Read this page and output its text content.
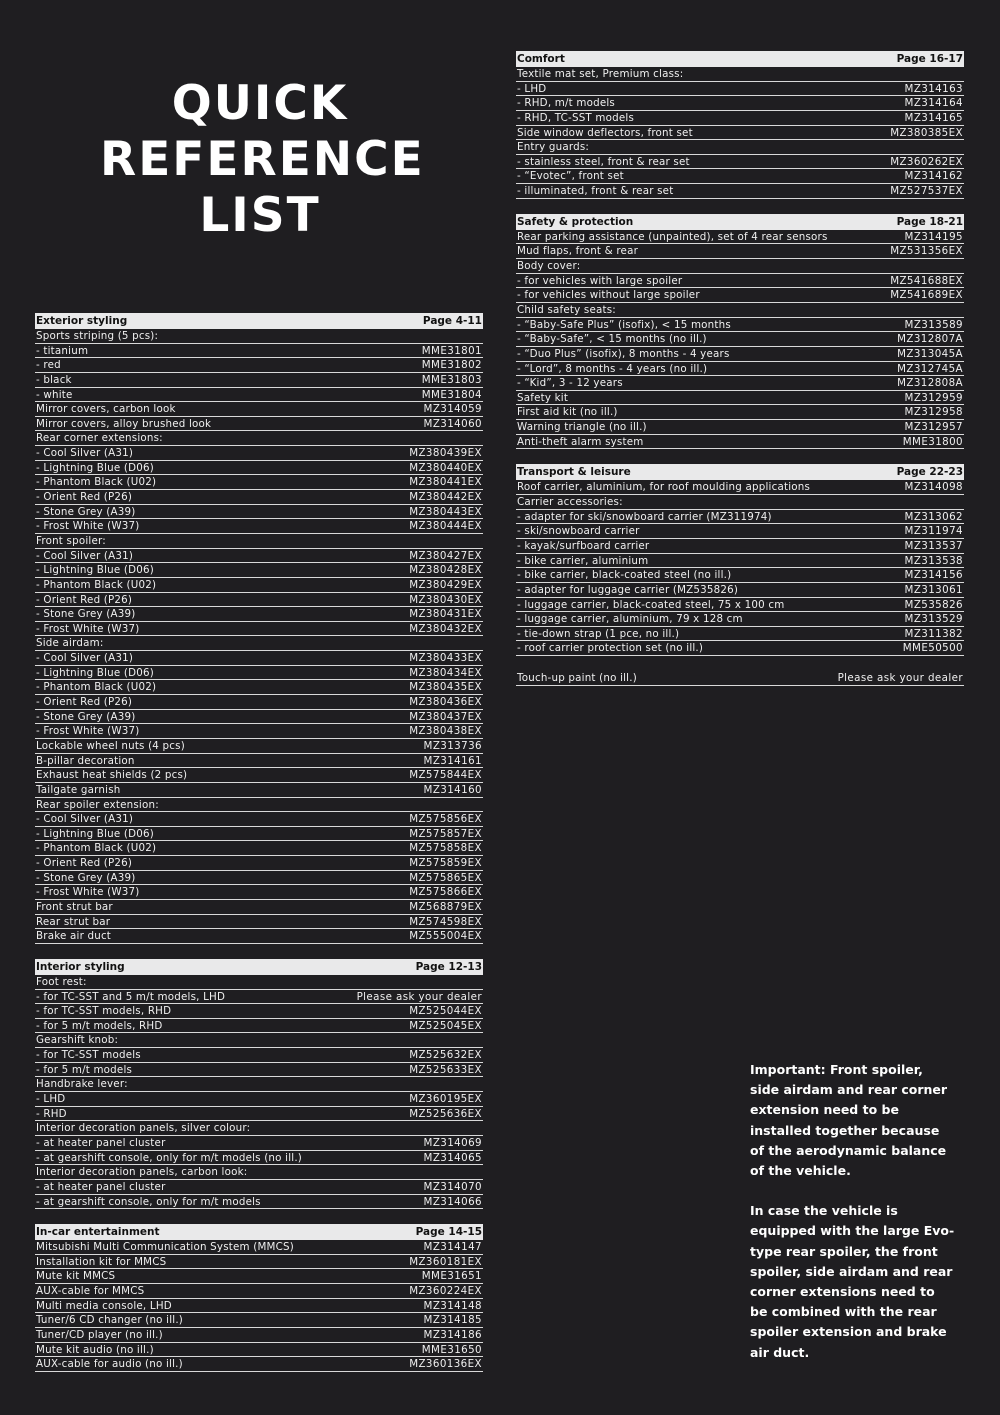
QUICK
REFERENCE
LIST
Exterior styling	Page 4-11
Sports striping (5 pcs):
- titanium	MME31801
- red	MME31802
- black	MME31803
- white	MME31804
Mirror covers, carbon look	MZ314059
Mirror covers, alloy brushed look	MZ314060
Rear corner extensions:
- Cool Silver (A31)	MZ380439EX
- Lightning Blue (D06)	MZ380440EX
- Phantom Black (U02)	MZ380441EX
- Orient Red (P26)	MZ380442EX
- Stone Grey (A39)	MZ380443EX
- Frost White (W37)	MZ380444EX
Front spoiler:
- Cool Silver (A31)	MZ380427EX
- Lightning Blue (D06)	MZ380428EX
- Phantom Black (U02)	MZ380429EX
- Orient Red (P26)	MZ380430EX
- Stone Grey (A39)	MZ380431EX
- Frost White (W37)	MZ380432EX
Side airdam:
- Cool Silver (A31)	MZ380433EX
- Lightning Blue (D06)	MZ380434EX
- Phantom Black (U02)	MZ380435EX
- Orient Red (P26)	MZ380436EX
- Stone Grey (A39)	MZ380437EX
- Frost White (W37)	MZ380438EX
Lockable wheel nuts (4 pcs)	MZ313736
B-pillar decoration	MZ314161
Exhaust heat shields (2 pcs)	MZ575844EX
Tailgate garnish	MZ314160
Rear spoiler extension:
- Cool Silver (A31)	MZ575856EX
- Lightning Blue (D06)	MZ575857EX
- Phantom Black (U02)	MZ575858EX
- Orient Red (P26)	MZ575859EX
- Stone Grey (A39)	MZ575865EX
- Frost White (W37)	MZ575866EX
Front strut bar	MZ568879EX
Rear strut bar	MZ574598EX
Brake air duct	MZ555004EX
Interior styling	Page 12-13
Foot rest:
- for TC-SST and 5 m/t models, LHD	Please ask your dealer
- for TC-SST models, RHD	MZ525044EX
- for 5 m/t models, RHD	MZ525045EX
Gearshift knob:
- for TC-SST models	MZ525632EX
- for 5 m/t models	MZ525633EX
Handbrake lever:
- LHD	MZ360195EX
- RHD	MZ525636EX
Interior decoration panels, silver colour:
- at heater panel cluster	MZ314069
- at gearshift console, only for m/t models (no ill.)	MZ314065
Interior decoration panels, carbon look:
- at heater panel cluster	MZ314070
- at gearshift console, only for m/t models	MZ314066
In-car entertainment	Page 14-15
Mitsubishi Multi Communication System (MMCS)	MZ314147
Installation kit for MMCS	MZ360181EX
Mute kit MMCS	MME31651
AUX-cable for MMCS	MZ360224EX
Multi media console, LHD	MZ314148
Tuner/6 CD changer (no ill.)	MZ314185
Tuner/CD player (no ill.)	MZ314186
Mute kit audio (no ill.)	MME31650
AUX-cable for audio (no ill.)	MZ360136EX
Comfort	Page 16-17
Textile mat set, Premium class:
- LHD	MZ314163
- RHD, m/t models	MZ314164
- RHD, TC-SST models	MZ314165
Side window deflectors, front set	MZ380385EX
Entry guards:
- stainless steel, front & rear set	MZ360262EX
- “Evotec”, front set	MZ314162
- illuminated, front & rear set	MZ527537EX
Safety & protection	Page 18-21
Rear parking assistance (unpainted), set of 4 rear sensors	MZ314195
Mud flaps, front & rear	MZ531356EX
Body cover:
- for vehicles with large spoiler	MZ541688EX
- for vehicles without large spoiler	MZ541689EX
Child safety seats:
- “Baby-Safe Plus” (isofix), < 15 months	MZ313589
- “Baby-Safe”, < 15 months (no ill.)	MZ312807A
- “Duo Plus” (isofix), 8 months - 4 years	MZ313045A
- “Lord”, 8 months - 4 years (no ill.)	MZ312745A
- “Kid”, 3 - 12 years	MZ312808A
Safety kit	MZ312959
First aid kit (no ill.)	MZ312958
Warning triangle (no ill.)	MZ312957
Anti-theft alarm system	MME31800
Transport & leisure	Page 22-23
Roof carrier, aluminium, for roof moulding applications	MZ314098
Carrier accessories:
- adapter for ski/snowboard carrier (MZ311974)	MZ313062
- ski/snowboard carrier	MZ311974
- kayak/surfboard carrier	MZ313537
- bike carrier, aluminium	MZ313538
- bike carrier, black-coated steel (no ill.)	MZ314156
- adapter for luggage carrier (MZ535826)	MZ313061
- luggage carrier, black-coated steel, 75 x 100 cm	MZ535826
- luggage carrier, aluminium, 79 x 128 cm	MZ313529
- tie-down strap (1 pce, no ill.)	MZ311382
- roof carrier protection set (no ill.)	MME50500
Touch-up paint (no ill.)	Please ask your dealer

Important: Front spoiler, side airdam and rear corner extension need to be installed together because of the aerodynamic balance of the vehicle.

In case the vehicle is equipped with the large Evo-type rear spoiler, the front spoiler, side airdam and rear corner extensions need to be combined with the rear spoiler extension and brake air duct.
